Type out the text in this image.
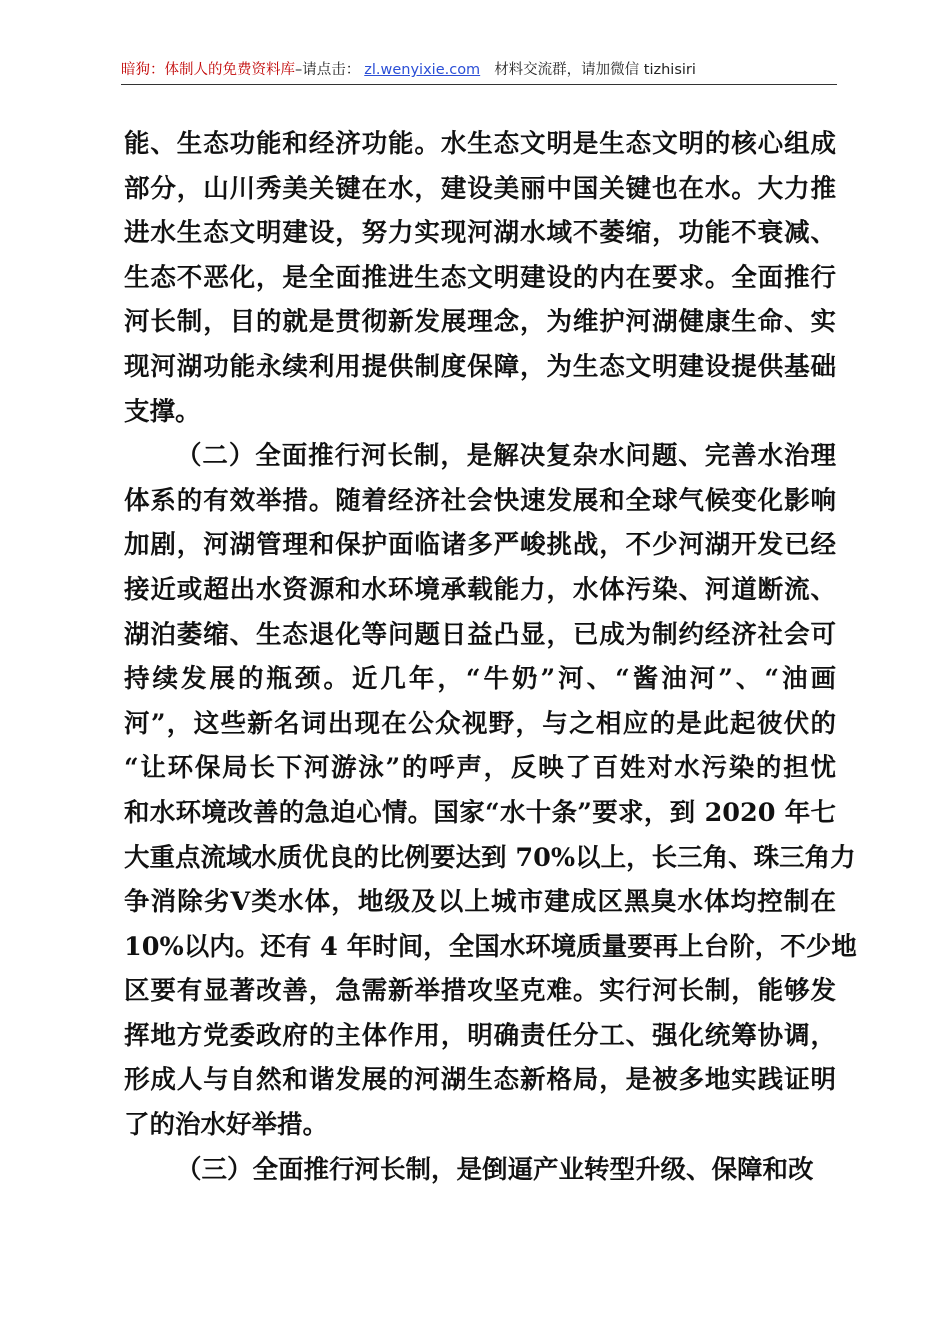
暗狗：体制人的免费资料库–请点击： zl.wenyixie.com 材料交流群，请加微信 tizhisiri
能、生态功能和经济功能。水生态文明是生态文明的核心组成
部分，山川秀美关键在水，建设美丽中国关键也在水。大力推
进水生态文明建设，努力实现河湖水域不萎缩，功能不衰减、
生态不恶化，是全面推进生态文明建设的内在要求。全面推行
河长制，目的就是贯彻新发展理念，为维护河湖健康生命、实
现河湖功能永续利用提供制度保障，为生态文明建设提供基础
支撑。
（二）全面推行河长制，是解决复杂水问题、完善水治理
体系的有效举措。随着经济社会快速发展和全球气候变化影响
加剧，河湖管理和保护面临诸多严峻挑战，不少河湖开发已经
接近或超出水资源和水环境承载能力，水体污染、河道断流、
湖泊萎缩、生态退化等问题日益凸显，已成为制约经济社会可
持续发展的瓶颈。近几年，“牛奶”河、“酱油河”、“油画
河”，这些新名词出现在公众视野，与之相应的是此起彼伏的
“让环保局长下河游泳”的呼声，反映了百姓对水污染的担忧
和水环境改善的急迫心情。国家“水十条”要求，到 2020 年七
大重点流域水质优良的比例要达到 70%以上，长三角、珠三角力
争消除劣Ⅴ类水体，地级及以上城市建成区黑臭水体均控制在
10%以内。还有 4 年时间，全国水环境质量要再上台阶，不少地
区要有显著改善，急需新举措攻坚克难。实行河长制，能够发
挥地方党委政府的主体作用，明确责任分工、强化统筹协调，
形成人与自然和谐发展的河湖生态新格局，是被多地实践证明
了的治水好举措。
（三）全面推行河长制，是倒逼产业转型升级、保障和改
